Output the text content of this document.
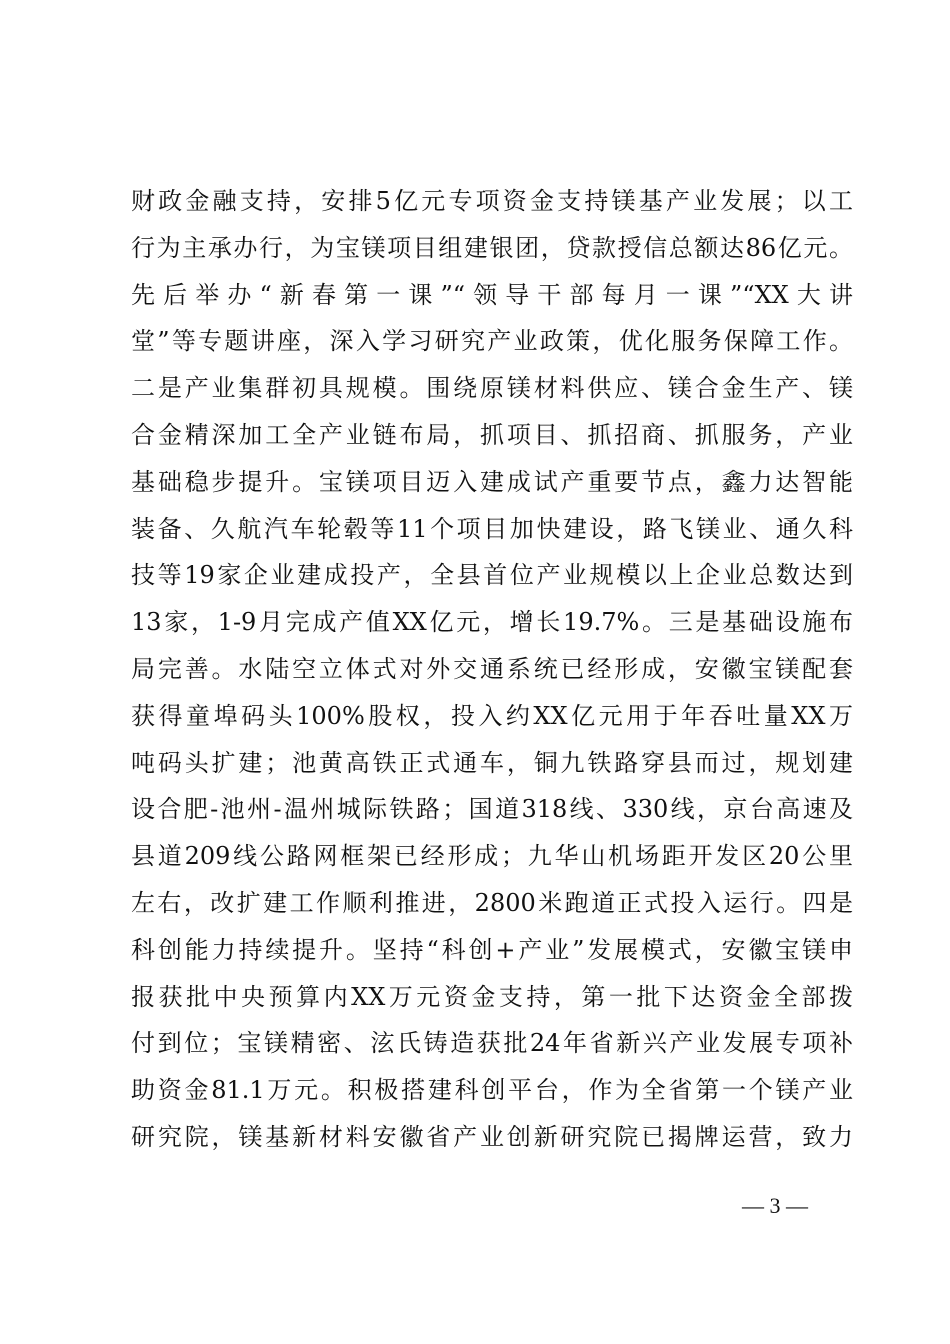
财政金融支持，安排5亿元专项资金支持镁基产业发展；以工
行为主承办行，为宝镁项目组建银团，贷款授信总额达86亿元。
先后举办“新春第一课”“领导干部每月一课”“XX大讲
堂”等专题讲座，深入学习研究产业政策，优化服务保障工作。
二是产业集群初具规模。围绕原镁材料供应、镁合金生产、镁
合金精深加工全产业链布局，抓项目、抓招商、抓服务，产业
基础稳步提升。宝镁项目迈入建成试产重要节点，鑫力达智能
装备、久航汽车轮毂等11个项目加快建设，路飞镁业、通久科
技等19家企业建成投产，全县首位产业规模以上企业总数达到
13家，1-9月完成产值XX亿元，增长19.7%。三是基础设施布
局完善。水陆空立体式对外交通系统已经形成，安徽宝镁配套
获得童埠码头100%股权，投入约XX亿元用于年吞吐量XX万
吨码头扩建；池黄高铁正式通车，铜九铁路穿县而过，规划建
设合肥-池州-温州城际铁路；国道318线、330线，京台高速及
县道209线公路网框架已经形成；九华山机场距开发区20公里
左右，改扩建工作顺利推进，2800米跑道正式投入运行。四是
科创能力持续提升。坚持“科创+产业”发展模式，安徽宝镁申
报获批中央预算内XX万元资金支持，第一批下达资金全部拨
付到位；宝镁精密、泫氏铸造获批24年省新兴产业发展专项补
助资金81.1万元。积极搭建科创平台，作为全省第一个镁产业
研究院，镁基新材料安徽省产业创新研究院已揭牌运营，致力
— 3 —
